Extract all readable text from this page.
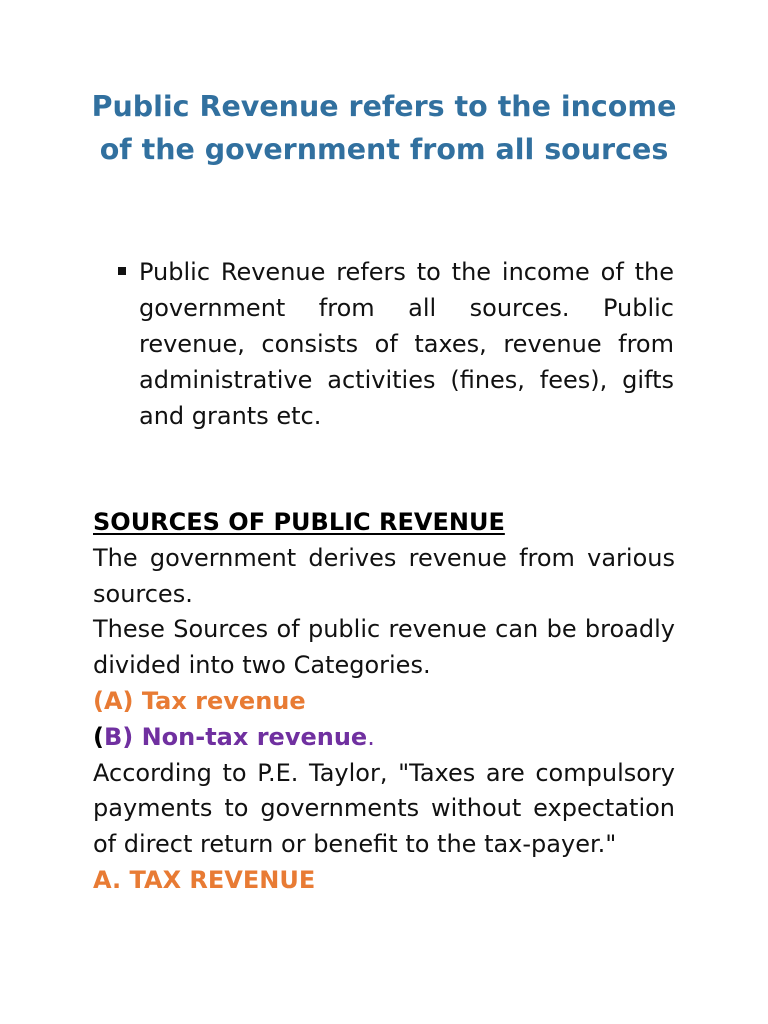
Public Revenue refers to the income of the government from all sources

Public Revenue refers to the income of the government from all sources. Public revenue, consists of taxes, revenue from administrative activities (fines, fees), gifts and grants etc.

SOURCES OF PUBLIC REVENUE

The government derives revenue from various sources.

These Sources of public revenue can be broadly divided into two Categories.

(A) Tax revenue

(B) Non-tax revenue.

According to P.E. Taylor, "Taxes are compulsory payments to governments without expectation of direct return or benefit to the tax-payer."

A. TAX REVENUE
